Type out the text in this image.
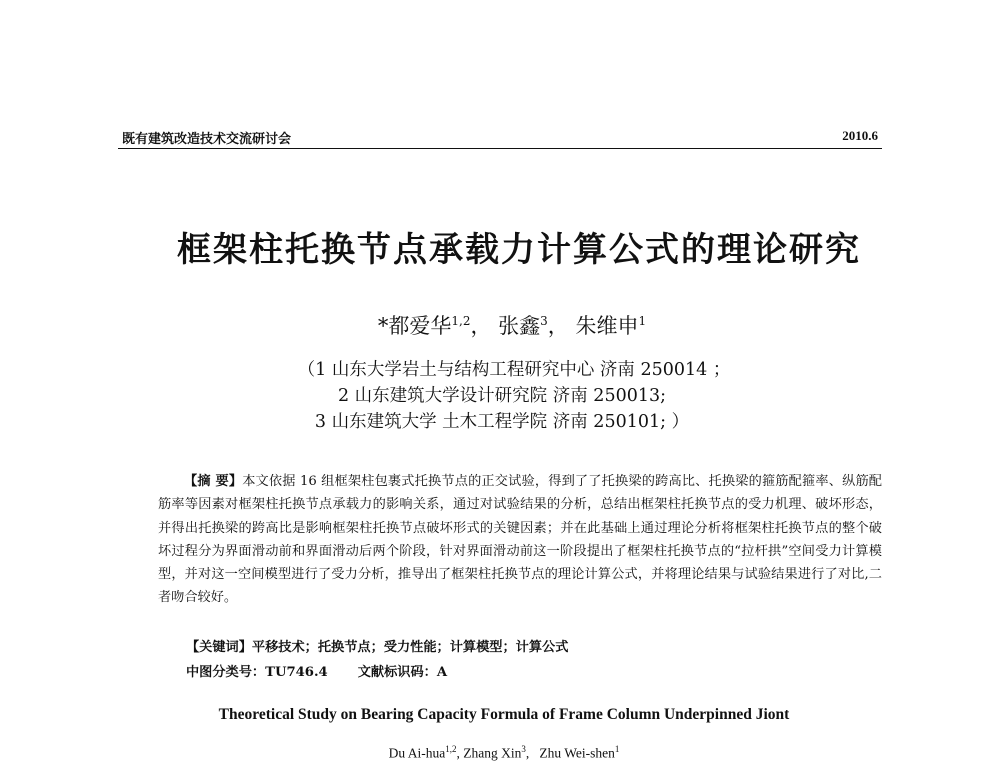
既有建筑改造技术交流研讨会	2010.6
框架柱托换节点承载力计算公式的理论研究
*都爱华$^{1,2}$， 张鑫$^3$， 朱维申$^1$
（1 山东大学岩土与结构工程研究中心 济南 250014 ；
2 山东建筑大学设计研究院 济南 250013;
3 山东建筑大学 土木工程学院 济南 250101; ）

【摘 要】本文依据 16 组框架柱包裹式托换节点的正交试验，得到了了托换梁的跨高比、托换梁的箍筋配箍率、纵筋配筋率等因素对框架柱托换节点承载力的影响关系，通过对试验结果的分析，总结出框架柱托换节点的受力机理、破坏形态，并得出托换梁的跨高比是影响框架柱托换节点破坏形式的关键因素；并在此基础上通过理论分析将框架柱托换节点的整个破坏过程分为界面滑动前和界面滑动后两个阶段，针对界面滑动前这一阶段提出了框架柱托换节点的“拉杆拱”空间受力计算模型，并对这一空间模型进行了受力分析，推导出了框架柱托换节点的理论计算公式，并将理论结果与试验结果进行了对比,二者吻合较好。

【关键词】平移技术；托换节点；受力性能；计算模型；计算公式
中图分类号：TU746.4 文献标识码：A
Theoretical Study on Bearing Capacity Formula of Frame Column Underpinned Jiont
Du Ai-hua$^{1,2}$, Zhang Xin$^3$,   Zhu Wei-shen$^1$
